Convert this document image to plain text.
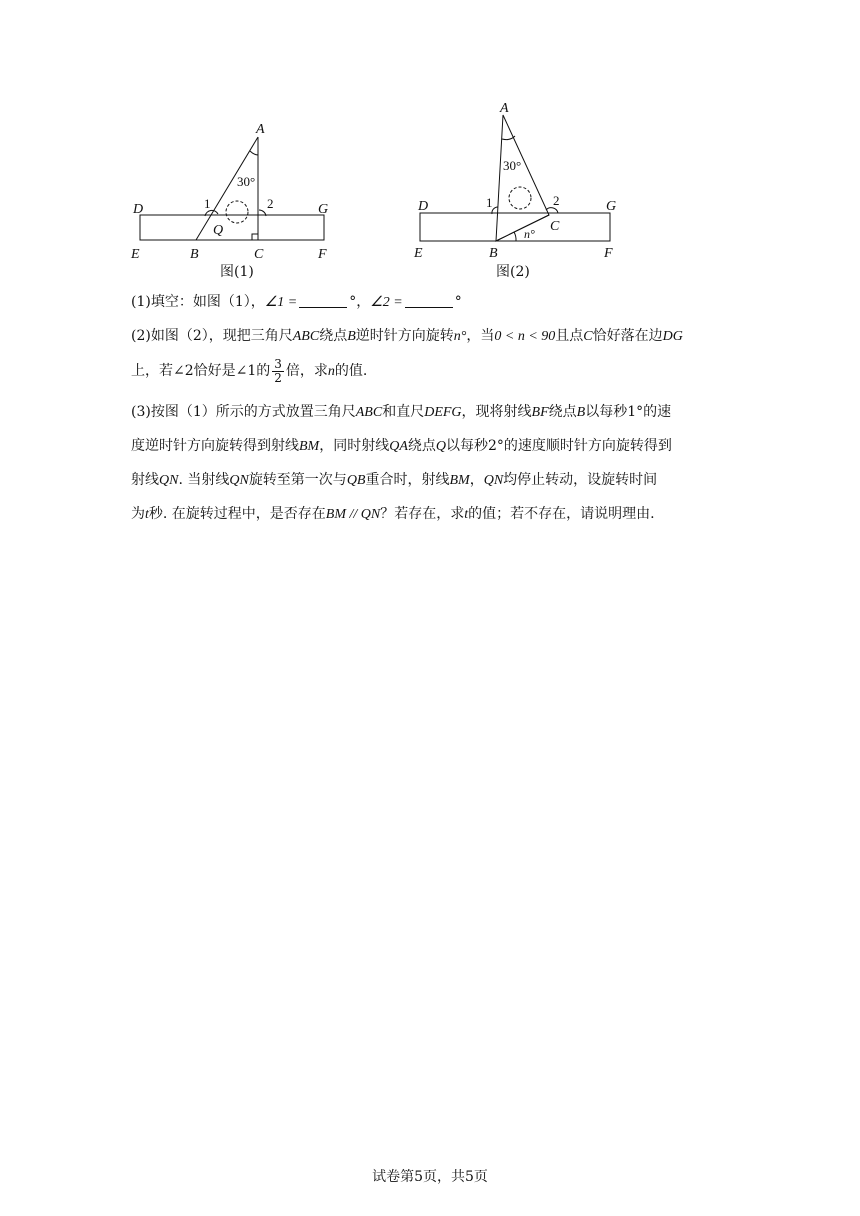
A
D	G
E	B	C	F
Q
1	2
30°
图(1)
A
D	G
E	B
C
F
1	2
30°
n°
图(2)
(1)填空：如图（1），∠1 =	°，∠2 =	°
(2)如图（2），现把三角尺ABC绕点B逆时针方向旋转n°，当0 < n < 90且点C恰好落在边DG
上，若∠2恰好是∠1的 $\frac{3}{2}$ 倍，求n的值.
(3)按图（1）所示的方式放置三角尺ABC和直尺DEFG，现将射线BF绕点B以每秒1°的速
度逆时针方向旋转得到射线BM，同时射线QA绕点Q以每秒2°的速度顺时针方向旋转得到
射线QN. 当射线QN旋转至第一次与QB重合时，射线BM，QN均停止转动，设旋转时间
为t秒. 在旋转过程中，是否存在BM // QN？若存在，求t的值；若不存在，请说明理由.
试卷第5页，共5页
